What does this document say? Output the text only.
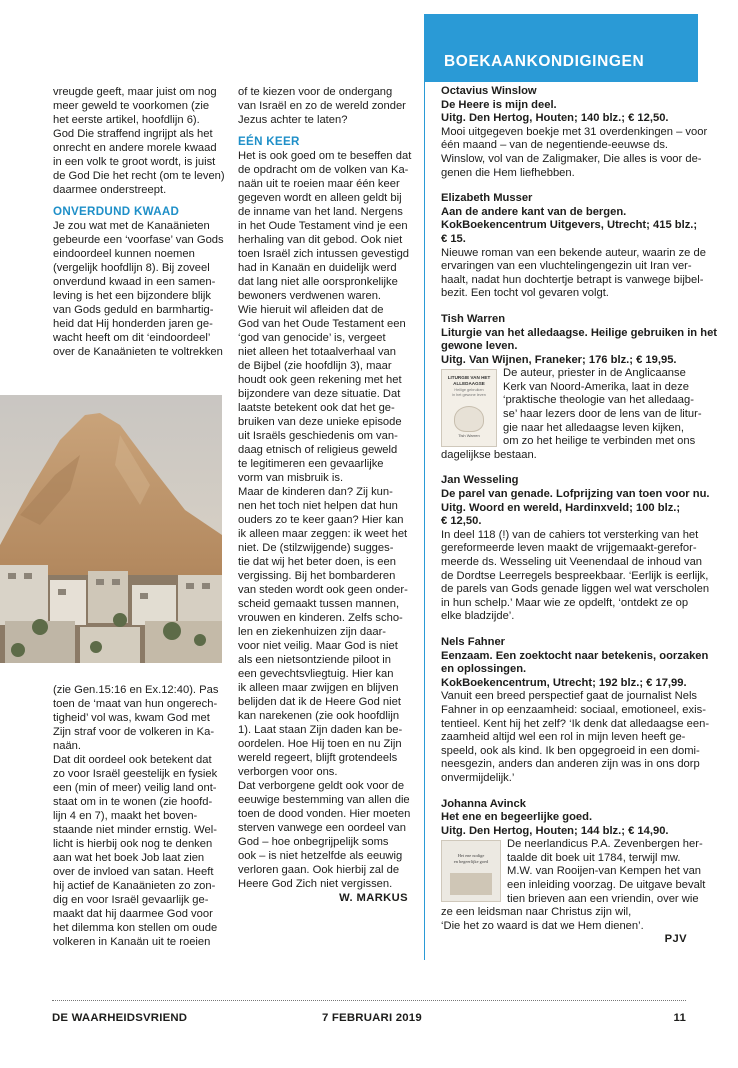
vreugde geeft, maar juist om nog

meer geweld te voorkomen (zie

het eerste artikel, hoofdlijn 6).

God Die straffend ingrijpt als het

onrecht en andere morele kwaad

in een volk te groot wordt, is juist

de God Die het recht (om te leven)

daarmee onderstreept.

ONVERDUND KWAAD

Je zou wat met de Kanaänieten

gebeurde een ‘voorfase’ van Gods

eindoordeel kunnen noemen

(vergelijk hoofdlijn 8). Bij zoveel

onverdund kwaad in een samen-

leving is het een bijzondere blijk

van Gods geduld en barmhartig-

heid dat Hij honderden jaren ge-

wacht heeft om dit ‘eindoordeel’

over de Kanaänieten te voltrekken

(zie Gen.15:16 en Ex.12:40). Pas

toen de ‘maat van hun ongerech-

tigheid’ vol was, kwam God met

Zijn straf voor de volkeren in Ka-

naän.

Dat dit oordeel ook betekent dat

zo voor Israël geestelijk en fysiek

een (min of meer) veilig land ont-

staat om in te wonen (zie hoofd-

lijn 4 en 7), maakt het boven-

staande niet minder ernstig. Wel-

licht is hierbij ook nog te denken

aan wat het boek Job laat zien

over de invloed van satan. Heeft

hij actief de Kanaänieten zo zon-

dig en voor Israël gevaarlijk ge-

maakt dat hij daarmee God voor

het dilemma kon stellen om oude

volkeren in Kanaän uit te roeien

of te kiezen voor de ondergang

van Israël en zo de wereld zonder

Jezus achter te laten?

EÉN KEER

Het is ook goed om te beseffen dat

de opdracht om de volken van Ka-

naän uit te roeien maar één keer

gegeven wordt en alleen geldt bij

de inname van het land. Nergens

in het Oude Testament vind je een

herhaling van dit gebod. Ook niet

toen Israël zich intussen gevestigd

had in Kanaän en duidelijk werd

dat lang niet alle oorspronkelijke

bewoners verdwenen waren.

Wie hieruit wil afleiden dat de

God van het Oude Testament een

‘god van genocide’ is, vergeet

niet alleen het totaalverhaal van

de Bijbel (zie hoofdlijn 3), maar

houdt ook geen rekening met het

bijzondere van deze situatie. Dat

laatste betekent ook dat het ge-

bruiken van deze unieke episode

uit Israëls geschiedenis om van-

daag etnisch of religieus geweld

te legitimeren een gevaarlijke

vorm van misbruik is.

Maar de kinderen dan? Zij kun-

nen het toch niet helpen dat hun

ouders zo te keer gaan? Hier kan

ik alleen maar zeggen: ik weet het

niet. De (stilzwijgende) sugges-

tie dat wij het beter doen, is een

vergissing. Bij het bombarderen

van steden wordt ook geen onder-

scheid gemaakt tussen mannen,

vrouwen en kinderen. Zelfs scho-

len en ziekenhuizen zijn daar-

voor niet veilig. Maar God is niet

als een nietsontziende piloot in

een gevechtsvliegtuig. Hier kan

ik alleen maar zwijgen en blijven

belijden dat ik de Heere God niet

kan narekenen (zie ook hoofdlijn

1). Laat staan Zijn daden kan be-

oordelen. Hoe Hij toen en nu Zijn

wereld regeert, blijft grotendeels

verborgen voor ons.

Dat verborgene geldt ook voor de

eeuwige bestemming van allen die

toen de dood vonden. Hier moeten

sterven vanwege een oordeel van

God – hoe onbegrijpelijk soms

ook – is niet hetzelfde als eeuwig

verloren gaan. Ook hierbij zal de

Heere God Zich niet vergissen.

W. MARKUS
BOEKAANKONDIGINGEN

Octavius Winslow

De Heere is mijn deel.

Uitg. Den Hertog, Houten; 140 blz.; € 12,50.

Mooi uitgegeven boekje met 31 overdenkingen – voor

één maand – van de negentiende-eeuwse ds.

Winslow, vol van de Zaligmaker, Die alles is voor de-

genen die Hem liefhebben.

Elizabeth Musser

Aan de andere kant van de bergen.

KokBoekencentrum Uitgevers, Utrecht; 415 blz.;

€ 15.

Nieuwe roman van een bekende auteur, waarin ze de

ervaringen van een vluchtelingengezin uit Iran ver-

haalt, nadat hun dochtertje betrapt is vanwege bijbel-

bezit. Een tocht vol gevaren volgt.

Tish Warren

Liturgie van het alledaagse. Heilige gebruiken in het

gewone leven.

Uitg. Van Wijnen, Franeker; 176 blz.; € 19,95.

LITURGIE VAN HET
ALLEDAAGSE
Heilige gebruiken
in het gewone leven
Tish Warren

De auteur, priester in de Anglicaanse

Kerk van Noord-Amerika, laat in deze

‘praktische theologie van het alledaag-

se’ haar lezers door de lens van de litur-

gie naar het alledaagse leven kijken,

om zo het heilige te verbinden met ons

dagelijkse bestaan.

Jan Wesseling

De parel van genade. Lofprijzing van toen voor nu.

Uitg. Woord en wereld, Hardinxveld; 100 blz.;

€ 12,50.

In deel 118 (!) van de cahiers tot versterking van het

gereformeerde leven maakt de vrijgemaakt-gerefor-

meerde ds. Wesseling uit Veenendaal de inhoud van

de Dordtse Leerregels bespreekbaar. ‘Eerlijk is eerlijk,

de parels van Gods genade liggen wel wat verscholen

in hun schelp.’ Maar wie ze opdelft, ‘ontdekt ze op

elke bladzijde’.

Nels Fahner

Eenzaam. Een zoektocht naar betekenis, oorzaken

en oplossingen.

KokBoekencentrum, Utrecht; 192 blz.; € 17,99.

Vanuit een breed perspectief gaat de journalist Nels

Fahner in op eenzaamheid: sociaal, emotioneel, exis-

tentieel. Kent hij het zelf? ‘Ik denk dat alledaagse een-

zaamheid altijd wel een rol in mijn leven heeft ge-

speeld, ook als kind. Ik ben opgegroeid in een domi-

neesgezin, anders dan anderen zijn was in ons dorp

onvermijdelijk.’

Johanna Avinck

Het ene en begeerlijke goed.

Uitg. Den Hertog, Houten; 144 blz.; € 14,90.

Het ene nodige
en begeerlijke goed

De neerlandicus P.A. Zevenbergen her-

taalde dit boek uit 1784, terwijl mw.

M.W. van Rooijen-van Kempen het van

een inleiding voorzag. De uitgave bevalt

tien brieven aan een vriendin, over wie

ze een leidsman naar Christus zijn wil,

‘Die het zo waard is dat we Hem dienen’.

PJV
DE WAARHEIDSVRIEND	7 FEBRUARI 2019	11
